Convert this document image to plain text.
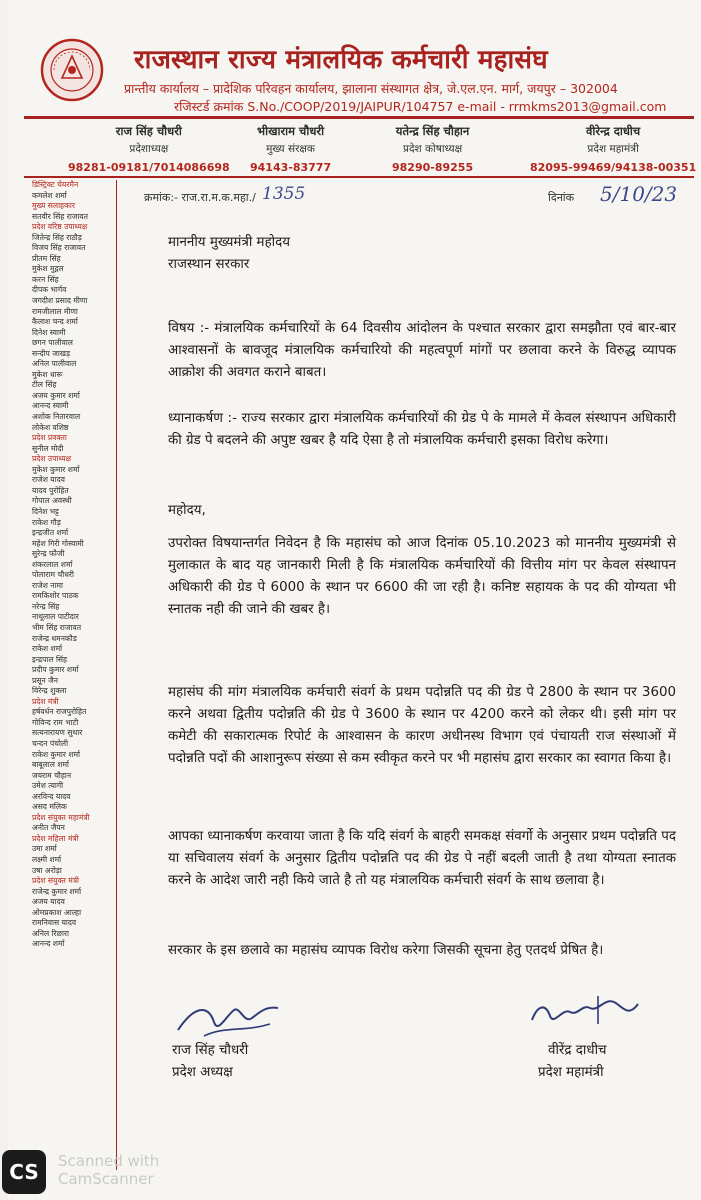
राजस्थान राज्य मंत्रालयिक कर्मचारी महासंघ
प्रान्तीय कार्यालय – प्रादेशिक परिवहन कार्यालय, झालाना संस्थागत क्षेत्र, जे.एल.एन. मार्ग, जयपुर – 302004
रजिस्टर्ड क्रमांक S.No./COOP/2019/JAIPUR/104757 e-mail - rrmkms2013@gmail.com
राज सिंह चौधरी
प्रदेशाध्यक्ष
98281-09181/7014086698
भीखाराम चौधरी
मुख्य संरक्षक
94143-83777
यतेन्द्र सिंह चौहान
प्रदेश कोषाध्यक्ष
98290-89255
वीरेन्द्र दाधीच
प्रदेश महामंत्री
82095-99469/94138-00351
डिस्ट्रिक्ट चेयरमैन
कमलेश शर्मा
मुख्य सलाहकार
सतवीर सिंह राजावत
प्रदेश वरिष्ठ उपाध्यक्ष
जितेन्द्र सिंह राठौड़
विजय सिंह राजावत
प्रीतम सिंह
मुकेश मुद्गल
करन सिंह
दीपक भार्गव
जगदीश प्रसाद मीणा
रामजीलाल मीणा
कैलाश चन्द शर्मा
दिनेश स्वामी
छगन पालीवाल
सन्दीप जाखड़
अनिल पालीवाल
मुकेश धारू
टील सिंह
अजय कुमार शर्मा
आनन्द स्वामी
अशोक नितारवाल
लोकेश वशिष्ठ
प्रदेश प्रवक्ता
सुनील मोदी
प्रदेश उपाध्यक्ष
मुकेश कुमार शर्मा
राजेश यादव
यादव पुरोहित
गोपाल अवस्थी
दिनेश भट्ट
राकेश गौड़
इन्द्रजीत शर्मा
महेश गिरी गोस्वामी
सुरेन्द्र फौजी
शंकरलाल शर्मा
पोलाराम चौधरी
राजेश नामा
रामकिशोर पाठक
नरेन्द्र सिंह
नाथूलाल पाटीदार
भीम सिंह राजावत
राजेन्द्र धमनकौड
राकेश शर्मा
इन्द्रपाल सिंह
प्रदीप कुमार शर्मा
प्रसून जैन
विरेन्द्र शुक्ला
प्रदेश मंत्री
हर्षवर्धन राजपुरोहित
गोविन्द राम भाटी
सत्यनारायण सुथार
चन्दन पंचोली
राकेश कुमार शर्मा
बाबूलाल शर्मा
जयराम चौहान
उमेश त्यागी
अरविन्द यादव
असद मलिक
प्रदेश संयुक्त महामंत्री
अनीत जैपन
प्रदेश महिला मंत्री
उमा शर्मा
लक्ष्मी शर्मा
उषा अरोड़ा
प्रदेश संयुक्त मंत्री
राजेन्द्र कुमार शर्मा
अजय यादव
ओमप्रकाश आल्हा
रामनिवास यादव
अनिल रिछारा
आनन्द शर्मा
क्रमांक:- राज.रा.म.क.महा./ 1355	दिनांक 5/10/23
माननीय मुख्यमंत्री महोदय
राजस्थान सरकार
विषय :- मंत्रालयिक कर्मचारियों के 64 दिवसीय आंदोलन के पश्चात सरकार द्वारा समझौता एवं बार-बार आश्वासनों के बावजूद मंत्रालयिक कर्मचारियो की महत्वपूर्ण मांगों पर छलावा करने के विरुद्ध व्यापक आक्रोश की अवगत कराने बाबत।
ध्यानाकर्षण :- राज्य सरकार द्वारा मंत्रालयिक कर्मचारियों की ग्रेड पे के मामले में केवल संस्थापन अधिकारी की ग्रेड पे बदलने की अपुष्ट खबर है यदि ऐसा है तो मंत्रालयिक कर्मचारी इसका विरोध करेगा।
महोदय,
उपरोक्त विषयान्तर्गत निवेदन है कि महासंघ को आज दिनांक 05.10.2023 को माननीय मुख्यमंत्री से मुलाकात के बाद यह जानकारी मिली है कि मंत्रालयिक कर्मचारियों की वित्तीय मांग पर केवल संस्थापन अधिकारी की ग्रेड पे 6000 के स्थान पर 6600 की जा रही है। कनिष्ट सहायक के पद की योग्यता भी स्नातक नही की जाने की खबर है।
महासंघ की मांग मंत्रालयिक कर्मचारी संवर्ग के प्रथम पदोन्नति पद की ग्रेड पे 2800 के स्थान पर 3600 करने अथवा द्वितीय पदोन्नति की ग्रेड पे 3600 के स्थान पर 4200 करने को लेकर थी। इसी मांग पर कमेटी की सकारात्मक रिपोर्ट के आश्वासन के कारण अधीनस्थ विभाग एवं पंचायती राज संस्थाओं में पदोन्नति पदों की आशानुरूप संख्या से कम स्वीकृत करने पर भी महासंघ द्वारा सरकार का स्वागत किया है।
आपका ध्यानाकर्षण करवाया जाता है कि यदि संवर्ग के बाहरी समकक्ष संवर्गो के अनुसार प्रथम पदोन्नति पद या सचिवालय संवर्ग के अनुसार द्वितीय पदोन्नति पद की ग्रेड पे नहीं बदली जाती है तथा योग्यता स्नातक करने के आदेश जारी नही किये जाते है तो यह मंत्रालयिक कर्मचारी संवर्ग के साथ छलावा है।
सरकार के इस छलावे का महासंघ व्यापक विरोध करेगा जिसकी सूचना हेतु एतदर्थ प्रेषित है।
राज सिंह चौधरी
प्रदेश अध्यक्ष
वीरेंद्र दाधीच
प्रदेश महामंत्री
CS	Scanned with
CamScanner
